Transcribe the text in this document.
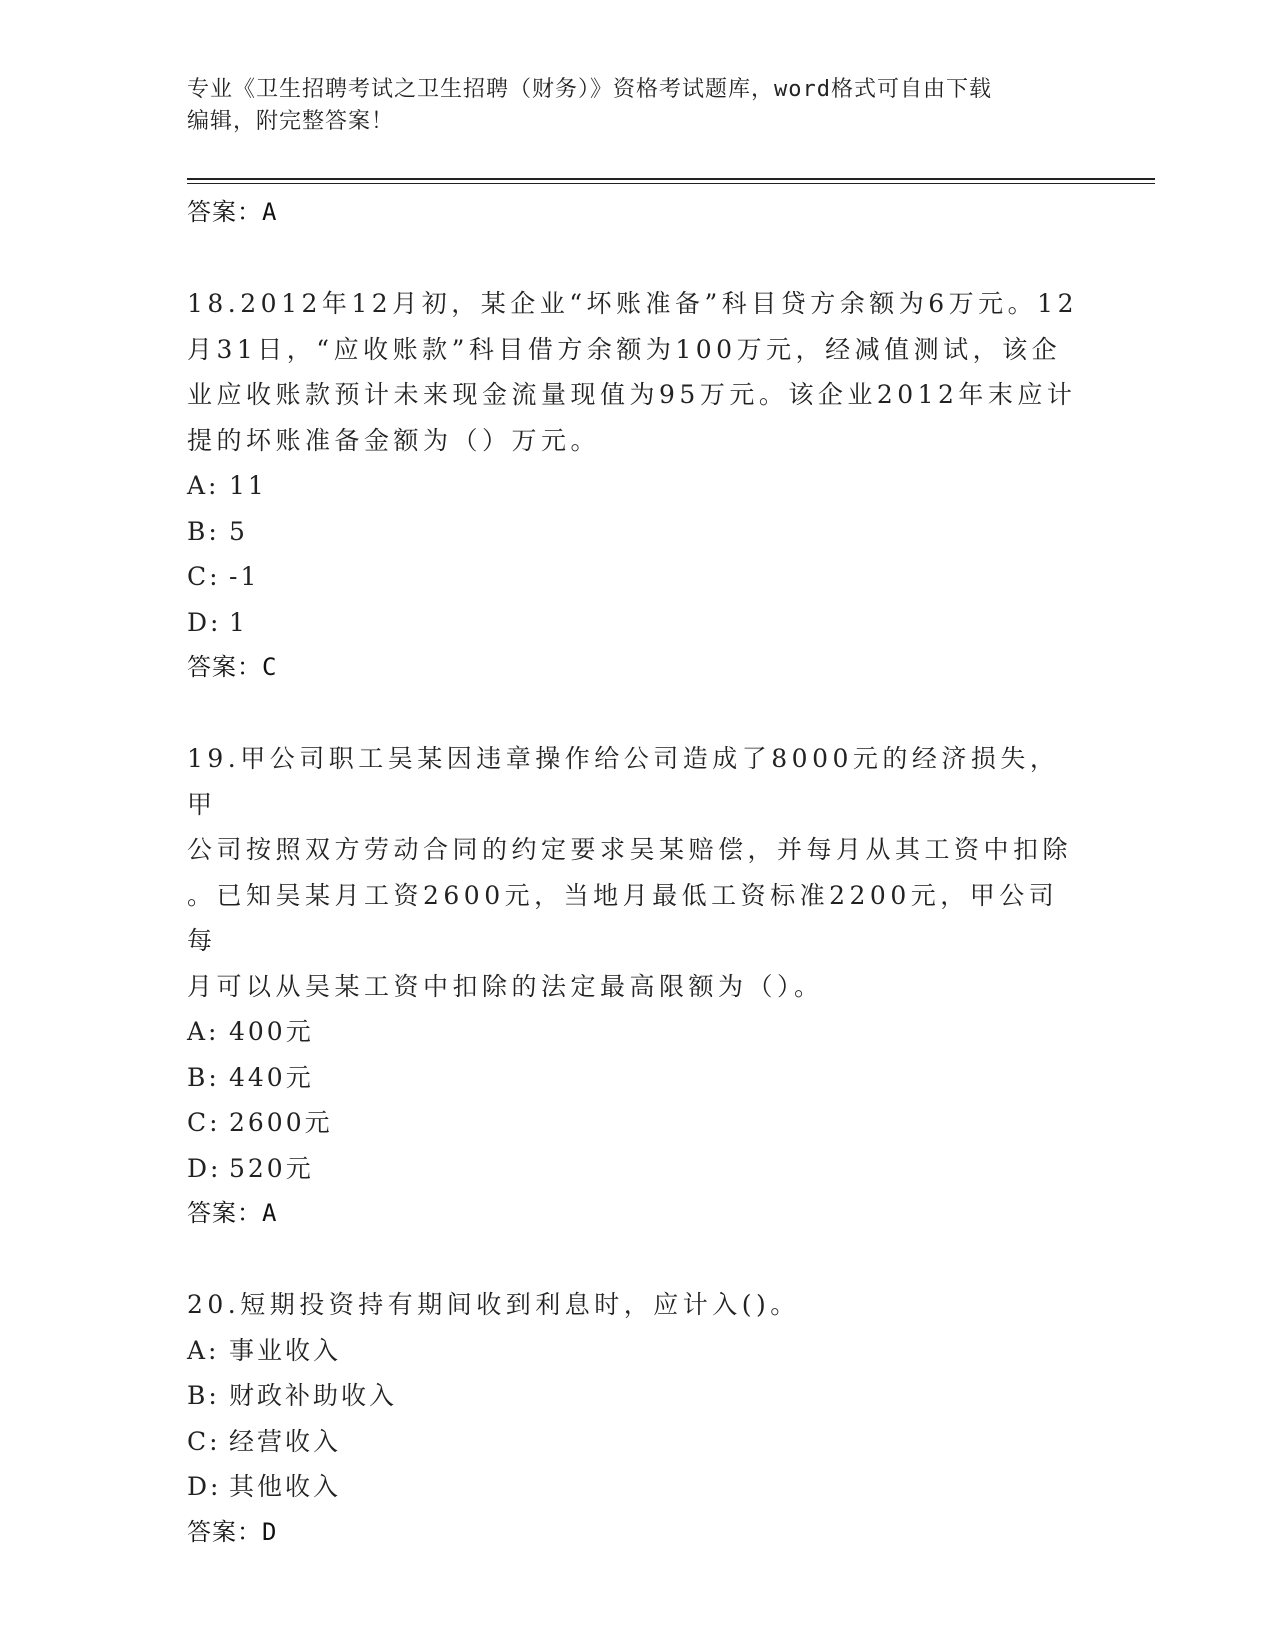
专业《卫生招聘考试之卫生招聘（财务）》资格考试题库，word格式可自由下载
编辑，附完整答案！
答案：A
18.2012年12月初，某企业“坏账准备”科目贷方余额为6万元。12
月31日，“应收账款”科目借方余额为100万元，经减值测试，该企
业应收账款预计未来现金流量现值为95万元。该企业2012年末应计
提的坏账准备金额为（）万元。
A: 11
B: 5
C: -1
D: 1
答案：C
19.甲公司职工吴某因违章操作给公司造成了8000元的经济损失，甲
公司按照双方劳动合同的约定要求吴某赔偿，并每月从其工资中扣除
。已知吴某月工资2600元，当地月最低工资标准2200元，甲公司每
月可以从吴某工资中扣除的法定最高限额为（）。
A: 400元
B: 440元
C: 2600元
D: 520元
答案：A
20.短期投资持有期间收到利息时，应计入()。
A: 事业收入
B: 财政补助收入
C: 经营收入
D: 其他收入
答案：D
